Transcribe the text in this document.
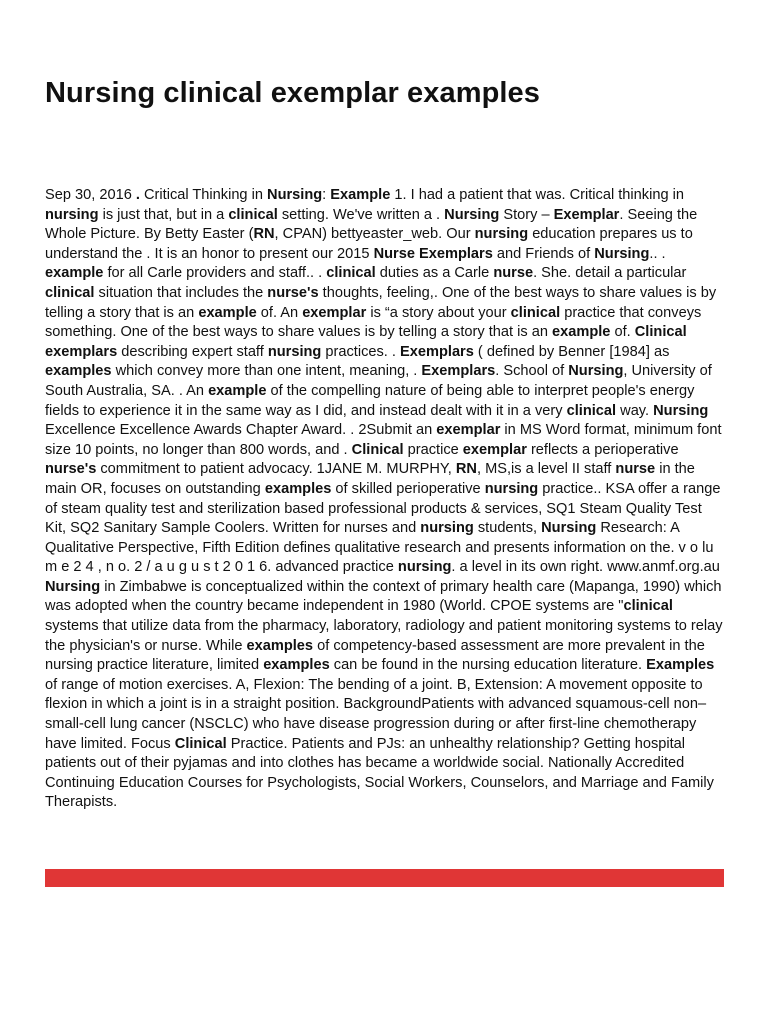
Nursing clinical exemplar examples

Sep 30, 2016 . Critical Thinking in Nursing: Example 1. I had a patient that was. Critical thinking in nursing is just that, but in a clinical setting. We've written a . Nursing Story – Exemplar. Seeing the Whole Picture. By Betty Easter (RN, CPAN) bettyeaster_web. Our nursing education prepares us to understand the . It is an honor to present our 2015 Nurse Exemplars and Friends of Nursing.. . example for all Carle providers and staff.. . clinical duties as a Carle nurse. She. detail a particular clinical situation that includes the nurse's thoughts, feeling,. One of the best ways to share values is by telling a story that is an example of. An exemplar is “a story about your clinical practice that conveys something. One of the best ways to share values is by telling a story that is an example of. Clinical exemplars describing expert staff nursing practices. . Exemplars ( defined by Benner [1984] as examples which convey more than one intent, meaning, . Exemplars. School of Nursing, University of South Australia, SA. . An example of the compelling nature of being able to interpret people's energy fields to experience it in the same way as I did, and instead dealt with it in a very clinical way. Nursing Excellence Excellence Awards Chapter Award. . 2Submit an exemplar in MS Word format, minimum font size 10 points, no longer than 800 words, and . Clinical practice exemplar reflects a perioperative nurse's commitment to patient advocacy. 1JANE M. MURPHY, RN, MS,is a level II staff nurse in the main OR, focuses on outstanding examples of skilled perioperative nursing practice.. KSA offer a range of steam quality test and sterilization based professional products & services, SQ1 Steam Quality Test Kit, SQ2 Sanitary Sample Coolers. Written for nurses and nursing students, Nursing Research: A Qualitative Perspective, Fifth Edition defines qualitative research and presents information on the. v o lu m e 2 4 , n o. 2 / a u g u s t 2 0 1 6. advanced practice nursing. a level in its own right. www.anmf.org.au Nursing in Zimbabwe is conceptualized within the context of primary health care (Mapanga, 1990) which was adopted when the country became independent in 1980 (World. CPOE systems are "clinical systems that utilize data from the pharmacy, laboratory, radiology and patient monitoring systems to relay the physician's or nurse. While examples of competency-based assessment are more prevalent in the nursing practice literature, limited examples can be found in the nursing education literature. Examples of range of motion exercises. A, Flexion: The bending of a joint. B, Extension: A movement opposite to flexion in which a joint is in a straight position. BackgroundPatients with advanced squamous-cell non–small-cell lung cancer (NSCLC) who have disease progression during or after first-line chemotherapy have limited. Focus Clinical Practice. Patients and PJs: an unhealthy relationship? Getting hospital patients out of their pyjamas and into clothes has became a worldwide social. Nationally Accredited Continuing Education Courses for Psychologists, Social Workers, Counselors, and Marriage and Family Therapists.
